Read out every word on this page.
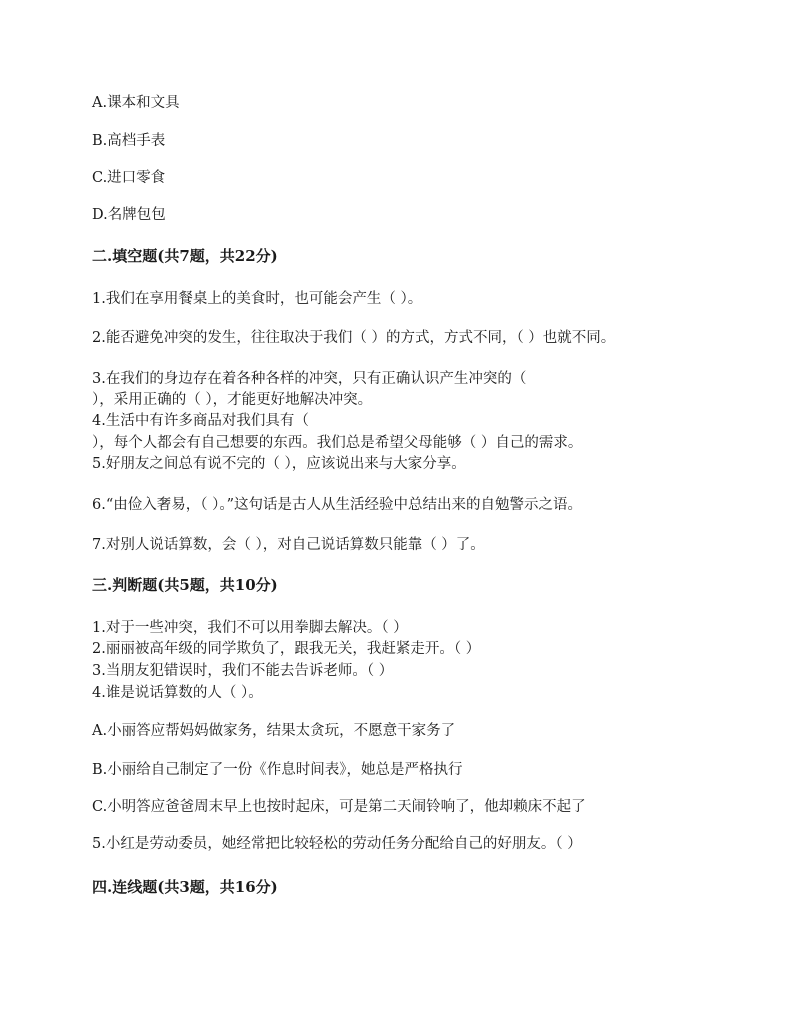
A.课本和文具
B.高档手表
C.进口零食
D.名牌包包
二.填空题(共7题，共22分)
1.我们在享用餐桌上的美食时，也可能会产生（ ）。
2.能否避免冲突的发生，往往取决于我们（ ）的方式，方式不同，（ ）也就不同。
3.在我们的身边存在着各种各样的冲突，只有正确认识产生冲突的（
），采用正确的（ ），才能更好地解决冲突。
4.生活中有许多商品对我们具有（
），每个人都会有自己想要的东西。我们总是希望父母能够（ ）自己的需求。
5.好朋友之间总有说不完的（ ），应该说出来与大家分享。
6.“由俭入奢易，（ ）。”这句话是古人从生活经验中总结出来的自勉警示之语。
7.对别人说话算数，会（ ），对自己说话算数只能靠（ ）了。
三.判断题(共5题，共10分)
1.对于一些冲突，我们不可以用拳脚去解决。（ ）
2.丽丽被高年级的同学欺负了，跟我无关，我赶紧走开。（ ）
3.当朋友犯错误时，我们不能去告诉老师。（ ）
4.谁是说话算数的人（ ）。
A.小丽答应帮妈妈做家务，结果太贪玩，不愿意干家务了
B.小丽给自己制定了一份《作息时间表》，她总是严格执行
C.小明答应爸爸周末早上也按时起床，可是第二天闹铃响了，他却赖床不起了
5.小红是劳动委员，她经常把比较轻松的劳动任务分配给自己的好朋友。（ ）
四.连线题(共3题，共16分)
